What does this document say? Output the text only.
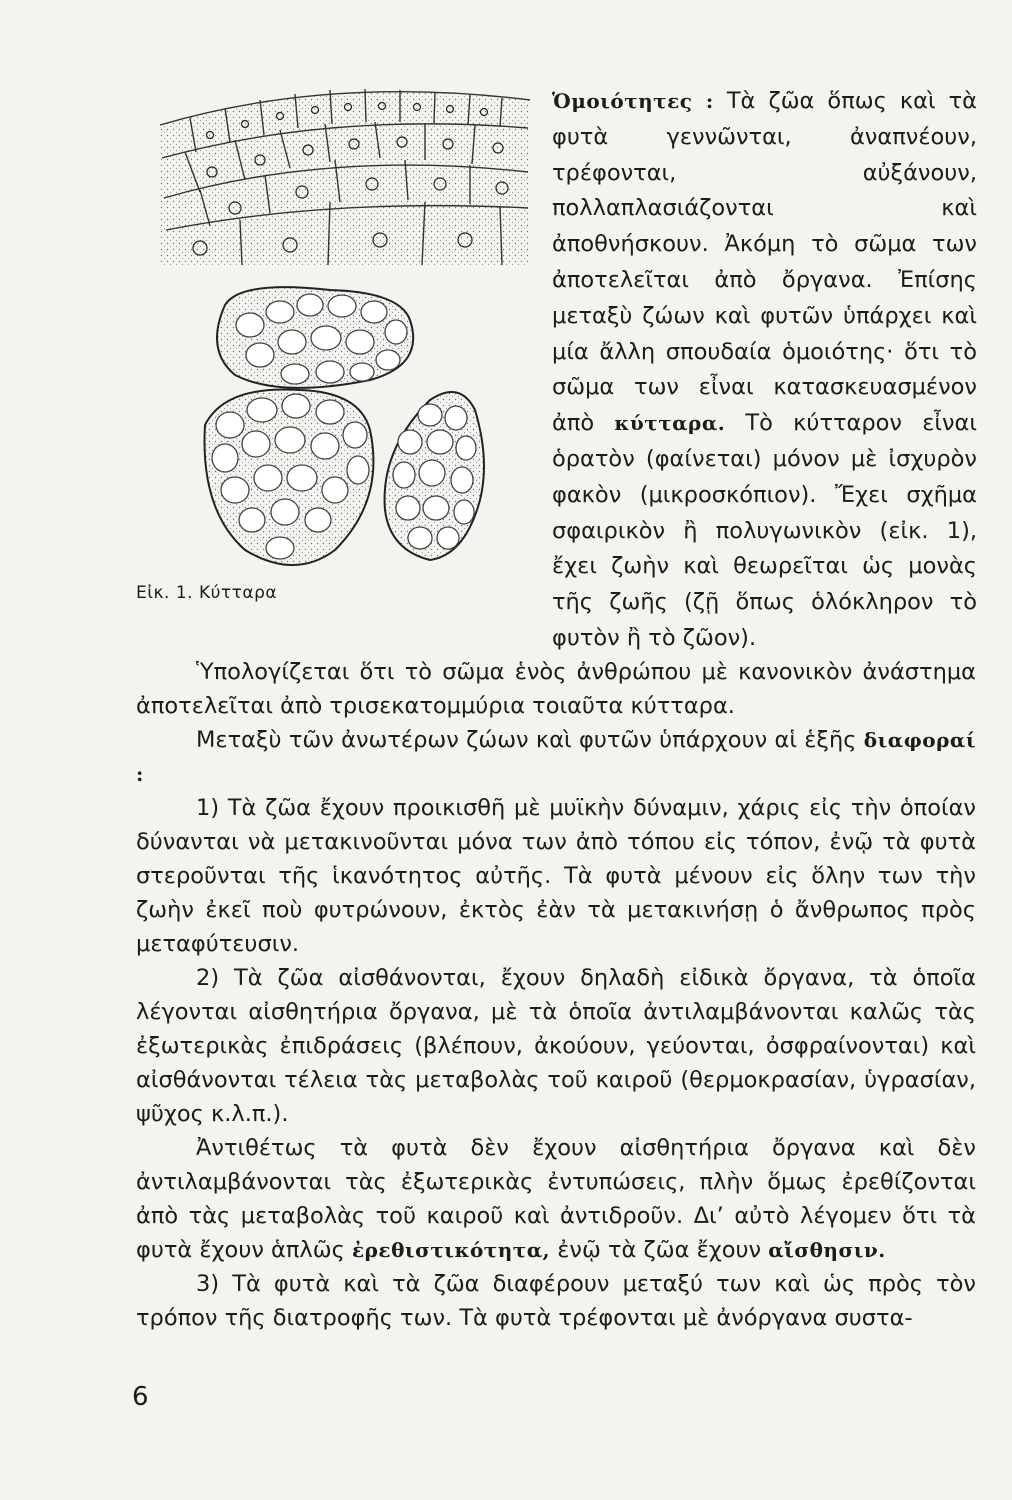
Εἰκ. 1. Κύτταρα
Ὁμοιότητες : Τὰ ζῶα ὅπως καὶ τὰ φυτὰ γεννῶνται, ἀναπνέουν, τρέφονται, αὐξάνουν, πολλαπλασιάζονται καὶ ἀποθνήσκουν. Ἀκόμη τὸ σῶμα των ἀποτελεῖται ἀπὸ ὄργανα. Ἐπίσης μεταξὺ ζώων καὶ φυτῶν ὑπάρχει καὶ μία ἄλλη σπουδαία ὁμοιότης· ὅτι τὸ σῶμα των εἶναι κατασκευασμένον ἀπὸ κύτταρα. Τὸ κύτταρον εἶναι ὁρατὸν (φαίνεται) μόνον μὲ ἰσχυρὸν φακὸν (μικροσκόπιον). Ἔχει σχῆμα σφαιρικὸν ἢ πολυγωνικὸν (εἰκ. 1), ἔχει ζωὴν καὶ θεωρεῖται ὡς μονὰς τῆς ζωῆς (ζῇ ὅπως ὁλόκληρον τὸ φυτὸν ἢ τὸ ζῶον).

Ὑπολογίζεται ὅτι τὸ σῶμα ἑνὸς ἀνθρώπου μὲ κανονικὸν ἀνάστημα ἀποτελεῖται ἀπὸ τρισεκατομμύρια τοιαῦτα κύτταρα.

Μεταξὺ τῶν ἀνωτέρων ζώων καὶ φυτῶν ὑπάρχουν αἱ ἑξῆς διαφοραί :

1) Τὰ ζῶα ἔχουν προικισθῆ μὲ μυϊκὴν δύναμιν, χάρις εἰς τὴν ὁποίαν δύνανται νὰ μετακινοῦνται μόνα των ἀπὸ τόπου εἰς τόπον, ἐνῷ τὰ φυτὰ στεροῦνται τῆς ἱκανότητος αὐτῆς. Τὰ φυτὰ μένουν εἰς ὅλην των τὴν ζωὴν ἐκεῖ ποὺ φυτρώνουν, ἐκτὸς ἐὰν τὰ μετακινήσῃ ὁ ἄνθρωπος πρὸς μεταφύτευσιν.

2) Τὰ ζῶα αἰσθάνονται, ἔχουν δηλαδὴ εἰδικὰ ὄργανα, τὰ ὁποῖα λέγονται αἰσθητήρια ὄργανα, μὲ τὰ ὁποῖα ἀντιλαμβάνονται καλῶς τὰς ἐξωτερικὰς ἐπιδράσεις (βλέπουν, ἀκούουν, γεύονται, ὀσφραίνονται) καὶ αἰσθάνονται τέλεια τὰς μεταβολὰς τοῦ καιροῦ (θερμοκρασίαν, ὑγρασίαν, ψῦχος κ.λ.π.).

Ἀντιθέτως τὰ φυτὰ δὲν ἔχουν αἰσθητήρια ὄργανα καὶ δὲν ἀντιλαμβάνονται τὰς ἐξωτερικὰς ἐντυπώσεις, πλὴν ὅμως ἐρεθίζονται ἀπὸ τὰς μεταβολὰς τοῦ καιροῦ καὶ ἀντιδροῦν. Δι’ αὐτὸ λέγομεν ὅτι τὰ φυτὰ ἔχουν ἁπλῶς ἐρεθιστικότητα, ἐνῷ τὰ ζῶα ἔχουν αἴσθησιν.

3) Τὰ φυτὰ καὶ τὰ ζῶα διαφέρουν μεταξύ των καὶ ὡς πρὸς τὸν τρόπον τῆς διατροφῆς των. Τὰ φυτὰ τρέφονται μὲ ἀνόργανα συστα-

6
